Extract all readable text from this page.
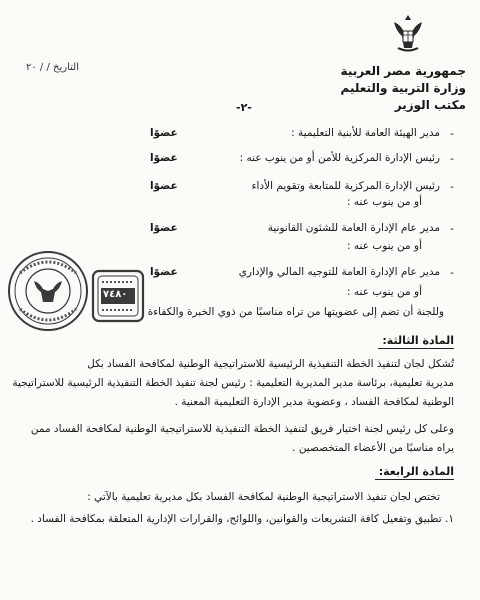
جمهورية مصر العربية
وزارة التربية والتعليم
مكتب الوزير
التاريخ / / ٢٠
-٢-
-
مدير الهيئة العامة للأبنية التعليمية :
عضوًا
-
رئيس الإدارة المركزية للأمن أو من ينوب عنه :
عضوًا
-
رئيس الإدارة المركزية للمتابعة وتقويم الأداء
عضوًا
أو من ينوب عنه :
-
مدير عام الإدارة العامة للشئون القانونية
عضوًا
أو من ينوب عنه :
-
مدير عام الإدارة العامة للتوجيه المالي والإداري
عضوًا
أو من ينوب عنه :
وللجنة أن تضم إلى عضويتها من تراه مناسبًا من ذوي الخبرة والكفاءة .
المادة الثالثة:
تُشكل لجان لتنفيذ الخطة التنفيذية الرئيسية للاستراتيجية الوطنية لمكافحة الفساد بكل
مديرية تعليمية، برئاسة مدير المديرية التعليمية : رئيس لجنة تنفيذ الخطة التنفيذية الرئيسية للاستراتيجية
الوطنية لمكافحة الفساد ، وعضوية مدير الإدارة التعليمية المعنية .
وعلى كل رئيس لجنة اختيار فريق لتنفيذ الخطة التنفيذية للاستراتيجية الوطنية لمكافحة الفساد ممن
يراه مناسبًا من الأعضاء المتخصصين .
المادة الرابعة:
تختص لجان تنفيذ الاستراتيجية الوطنية لمكافحة الفساد بكل مديرية تعليمية بالآتي :
١. تطبيق وتفعيل كافة التشريعات والقوانين، واللوائح، والقرارات الإدارية المتعلقة بمكافحة الفساد .
٧٤٨٠
